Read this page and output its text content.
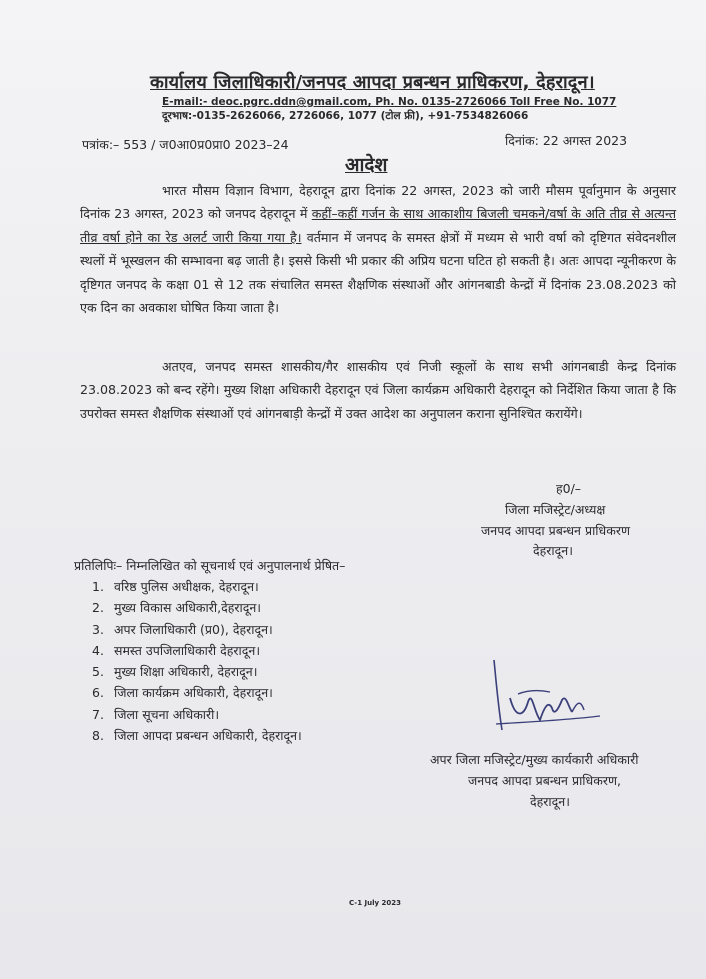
कार्यालय जिलाधिकारी/जनपद आपदा प्रबन्धन प्राधिकरण, देहरादून।
E-mail:- deoc.pgrc.ddn@gmail.com, Ph. No. 0135-2726066 Toll Free No. 1077
दूरभाष:-0135-2626066, 2726066, 1077 (टोल फ्री), +91-7534826066
पत्रांक:– 553 / ज0आ0प्र0प्रा0 2023–24	दिनांक: 22 अगस्त 2023
आदेश
भारत मौसम विज्ञान विभाग, देहरादून द्वारा दिनांक 22 अगस्त, 2023 को जारी मौसम पूर्वानुमान के अनुसार दिनांक 23 अगस्त, 2023 को जनपद देहरादून में कहीं–कहीं गर्जन के साथ आकाशीय बिजली चमकने/वर्षा के अति तीव्र से अत्यन्त तीव्र वर्षा होने का रेड अलर्ट जारी किया गया है। वर्तमान में जनपद के समस्त क्षेत्रों में मध्यम से भारी वर्षा को दृष्टिगत संवेदनशील स्थलों में भूस्खलन की सम्भावना बढ़ जाती है। इससे किसी भी प्रकार की अप्रिय घटना घटित हो सकती है। अतः आपदा न्यूनीकरण के दृष्टिगत जनपद के कक्षा 01 से 12 तक संचालित समस्त शैक्षणिक संस्थाओं और आंगनबाडी केन्द्रों में दिनांक 23.08.2023 को एक दिन का अवकाश घोषित किया जाता है।
अतएव, जनपद समस्त शासकीय/गैर शासकीय एवं निजी स्कूलों के साथ सभी आंगनबाडी केन्द्र दिनांक 23.08.2023 को बन्द रहेंगे। मुख्य शिक्षा अधिकारी देहरादून एवं जिला कार्यक्रम अधिकारी देहरादून को निर्देशित किया जाता है कि उपरोक्त समस्त शैक्षणिक संस्थाओं एवं आंगनबाड़ी केन्द्रों में उक्त आदेश का अनुपालन कराना सुनिश्चित करायेंगे।
ह0/–
जिला मजिस्ट्रेट/अध्यक्ष
जनपद आपदा प्रबन्धन प्राधिकरण
देहरादून।
प्रतिलिपिः– निम्नलिखित को सूचनार्थ एवं अनुपालनार्थ प्रेषित–
1. वरिष्ठ पुलिस अधीक्षक, देहरादून।
2. मुख्य विकास अधिकारी,देहरादून।
3. अपर जिलाधिकारी (प्र0), देहरादून।
4. समस्त उपजिलाधिकारी देहरादून।
5. मुख्य शिक्षा अधिकारी, देहरादून।
6. जिला कार्यक्रम अधिकारी, देहरादून।
7. जिला सूचना अधिकारी।
8. जिला आपदा प्रबन्धन अधिकारी, देहरादून।
अपर जिला मजिस्ट्रेट/मुख्य कार्यकारी अधिकारी
जनपद आपदा प्रबन्धन प्राधिकरण,
देहरादून।
C-1 July 2023
